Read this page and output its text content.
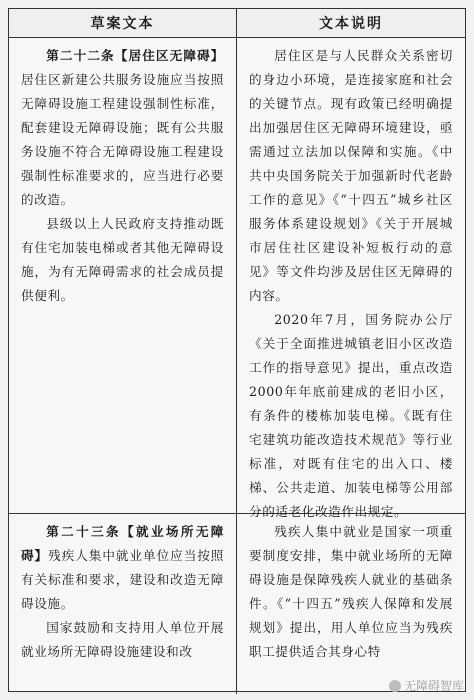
草案文本	文本说明

第二十二条【居住区无障碍】居住区新建公共服务设施应当按照无障碍设施工程建设强制性标准，配套建设无障碍设施；既有公共服务设施不符合无障碍设施工程建设强制性标准要求的，应当进行必要的改造。

县级以上人民政府支持推动既有住宅加装电梯或者其他无障碍设施，为有无障碍需求的社会成员提供便利。

居住区是与人民群众关系密切的身边小环境，是连接家庭和社会的关键节点。现有政策已经明确提出加强居住区无障碍环境建设，亟需通过立法加以保障和实施。《中共中央国务院关于加强新时代老龄工作的意见》《“十四五”城乡社区服务体系建设规划》《关于开展城市居住社区建设补短板行动的意见》等文件均涉及居住区无障碍的内容。

2020年7月，国务院办公厅《关于全面推进城镇老旧小区改造工作的指导意见》提出，重点改造2000年年底前建成的老旧小区，有条件的楼栋加装电梯。《既有住宅建筑功能改造技术规范》等行业标准，对既有住宅的出入口、楼梯、公共走道、加装电梯等公用部分的适老化改造作出规定。

第二十三条【就业场所无障碍】残疾人集中就业单位应当按照有关标准和要求，建设和改造无障碍设施。

国家鼓励和支持用人单位开展就业场所无障碍设施建设和改

残疾人集中就业是国家一项重要制度安排，集中就业场所的无障碍设施是保障残疾人就业的基础条件。《“十四五”残疾人保障和发展规划》提出，用人单位应当为残疾职工提供适合其身心特

无障碍智库
